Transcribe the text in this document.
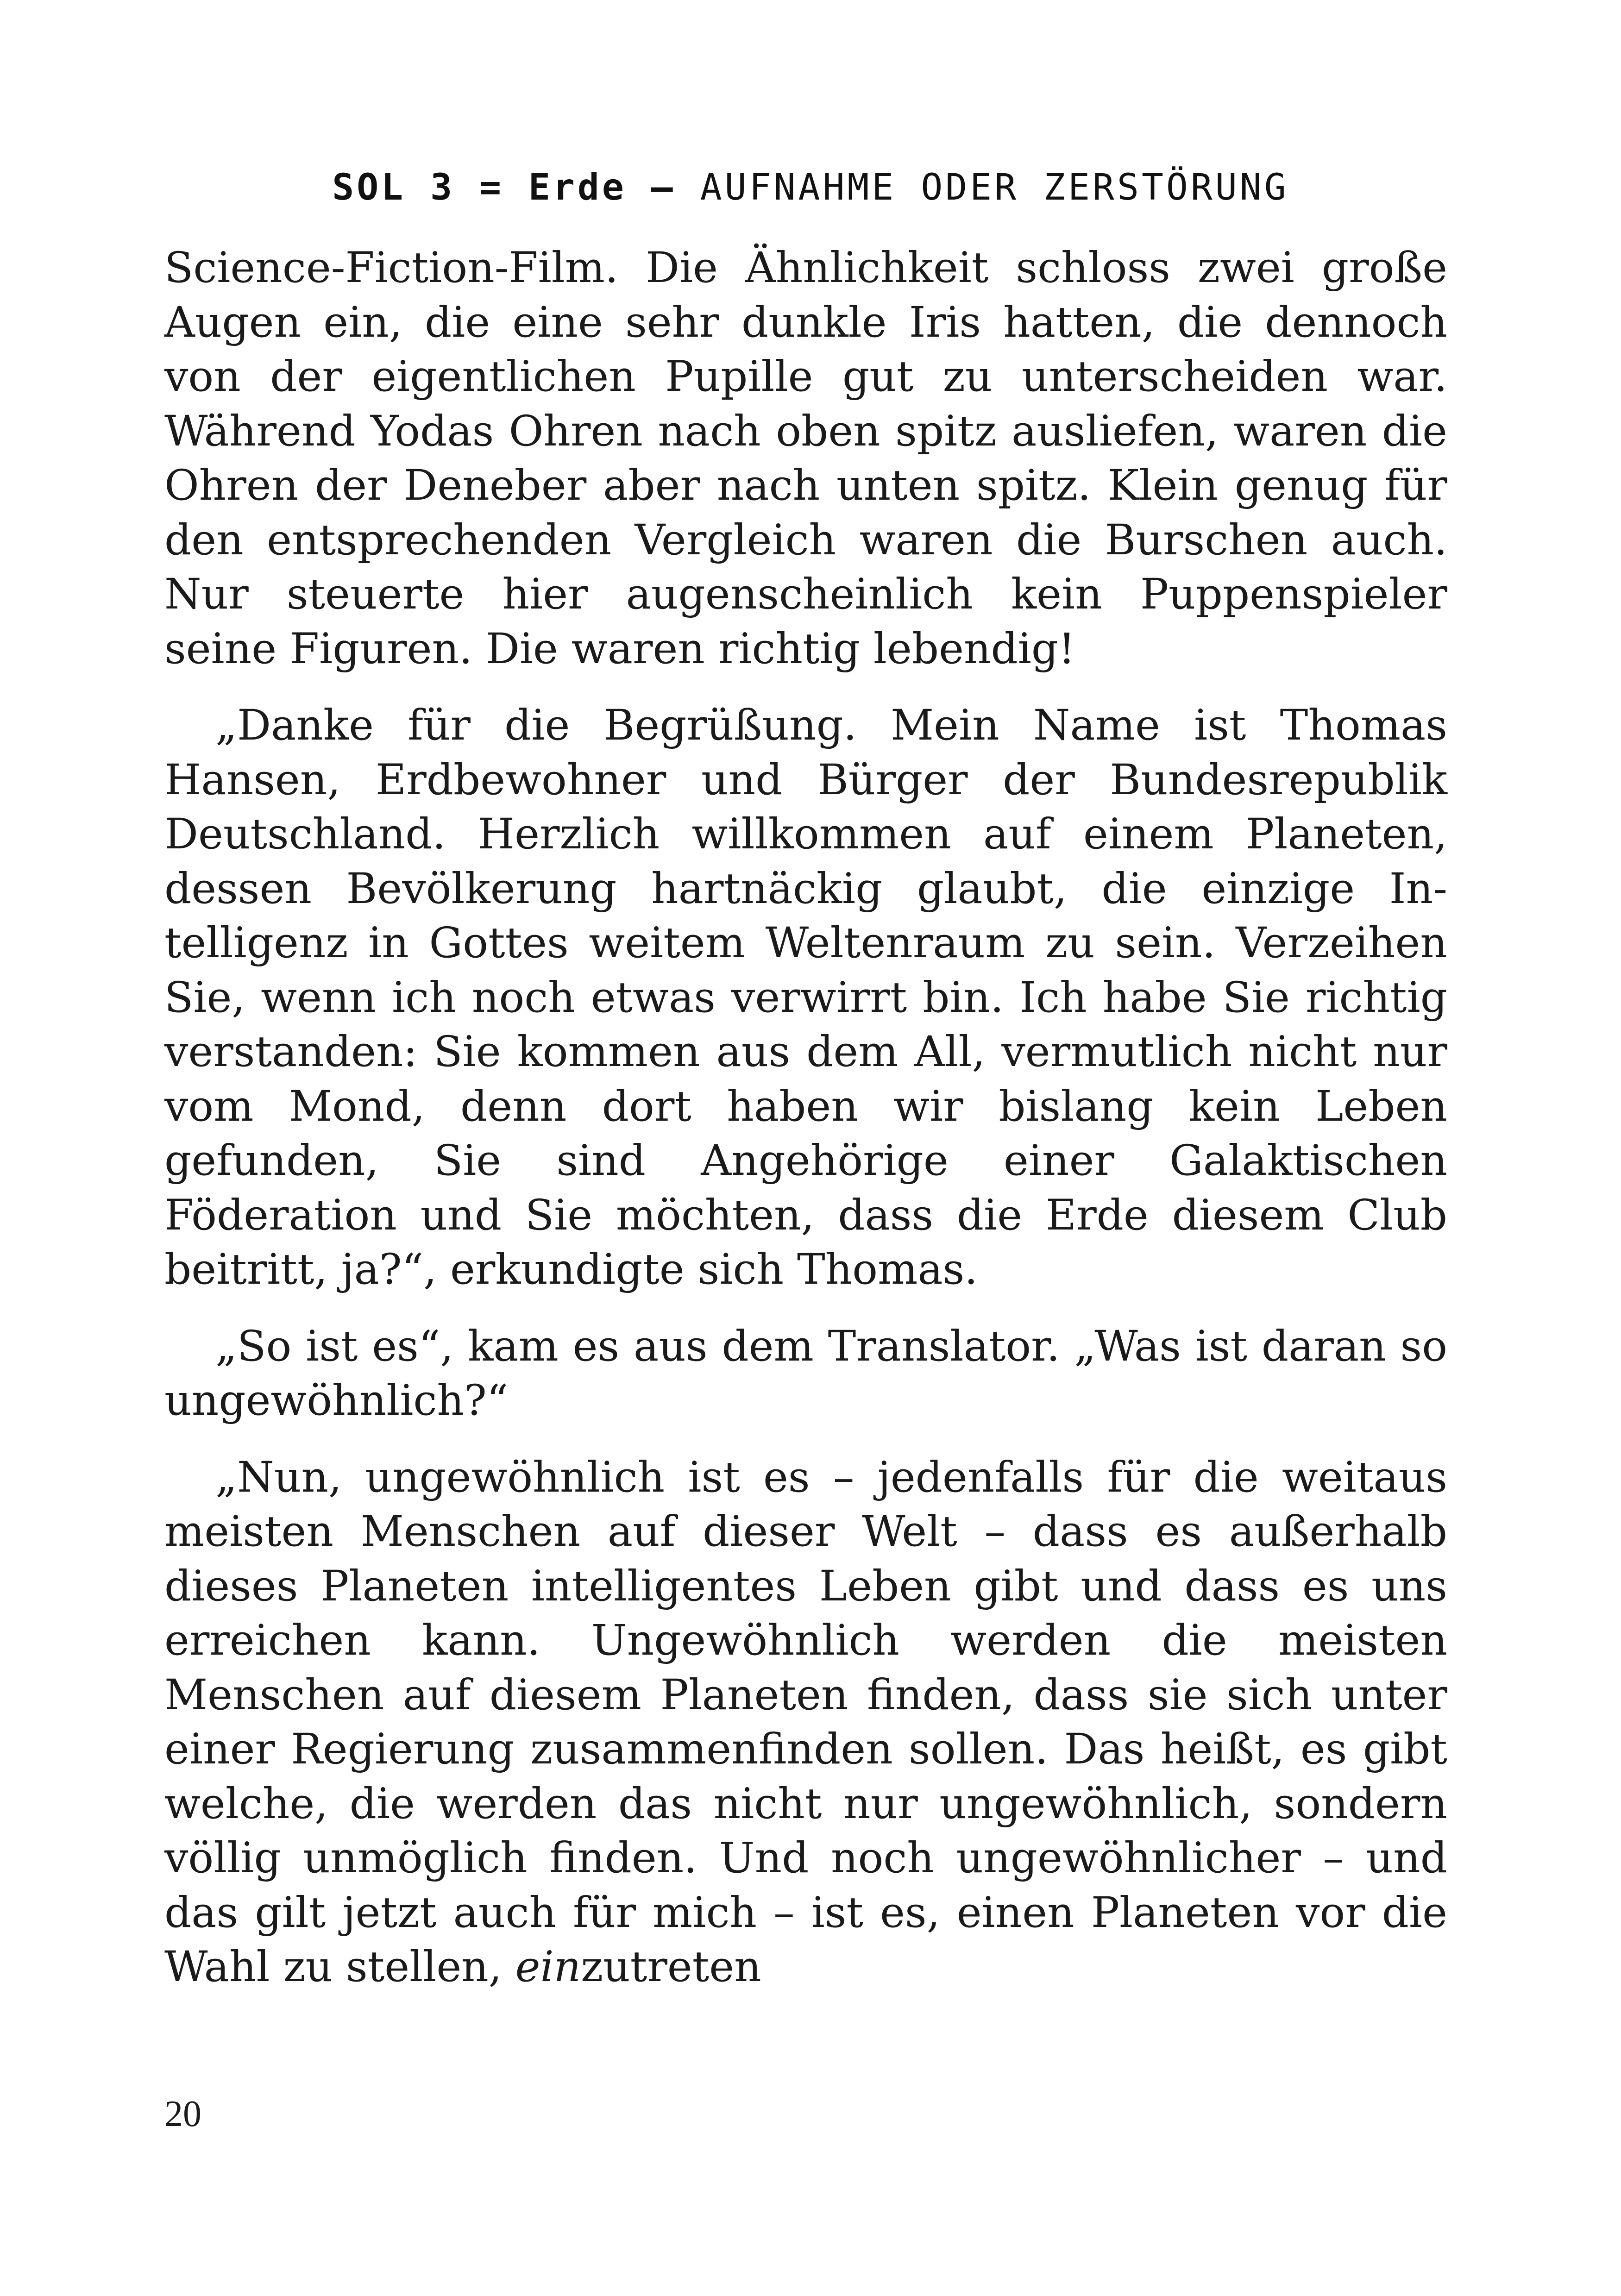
SOL 3 = Erde – AUFNAHME ODER ZERSTÖRUNG

Science-Fiction-Film. Die Ähnlichkeit schloss zwei große Augen ein, die eine sehr dunkle Iris hatten, die dennoch von der eigentlichen Pupille gut zu unterscheiden war. Während Yodas Ohren nach oben spitz ausliefen, waren die Ohren der Deneber aber nach unten spitz. Klein genug für den entsprechenden Vergleich waren die Burschen auch. Nur steuerte hier augenscheinlich kein Puppenspieler seine Figuren. Die waren richtig lebendig!

„Danke für die Begrüßung. Mein Name ist Thomas Hansen, Erdbewohner und Bürger der Bundesrepublik Deutschland. Herzlich willkommen auf einem Planeten, dessen Bevölkerung hartnäckig glaubt, die einzige Intelligenz in Gottes weitem Weltenraum zu sein. Verzeihen Sie, wenn ich noch etwas verwirrt bin. Ich habe Sie richtig verstanden: Sie kommen aus dem All, vermutlich nicht nur vom Mond, denn dort haben wir bislang kein Leben gefunden, Sie sind Angehörige einer Galaktischen Föderation und Sie möchten, dass die Erde diesem Club beitritt, ja?“, erkundigte sich Thomas.

„So ist es“, kam es aus dem Translator. „Was ist daran so ungewöhnlich?“

„Nun, ungewöhnlich ist es – jedenfalls für die weitaus meisten Menschen auf dieser Welt – dass es außerhalb dieses Planeten intelligentes Leben gibt und dass es uns erreichen kann. Ungewöhnlich werden die meisten Menschen auf diesem Planeten finden, dass sie sich unter einer Regierung zusammenfinden sollen. Das heißt, es gibt welche, die werden das nicht nur ungewöhnlich, sondern völlig unmöglich finden. Und noch ungewöhnlicher – und das gilt jetzt auch für mich – ist es, einen Planeten vor die Wahl zu stellen, einzutreten

20
